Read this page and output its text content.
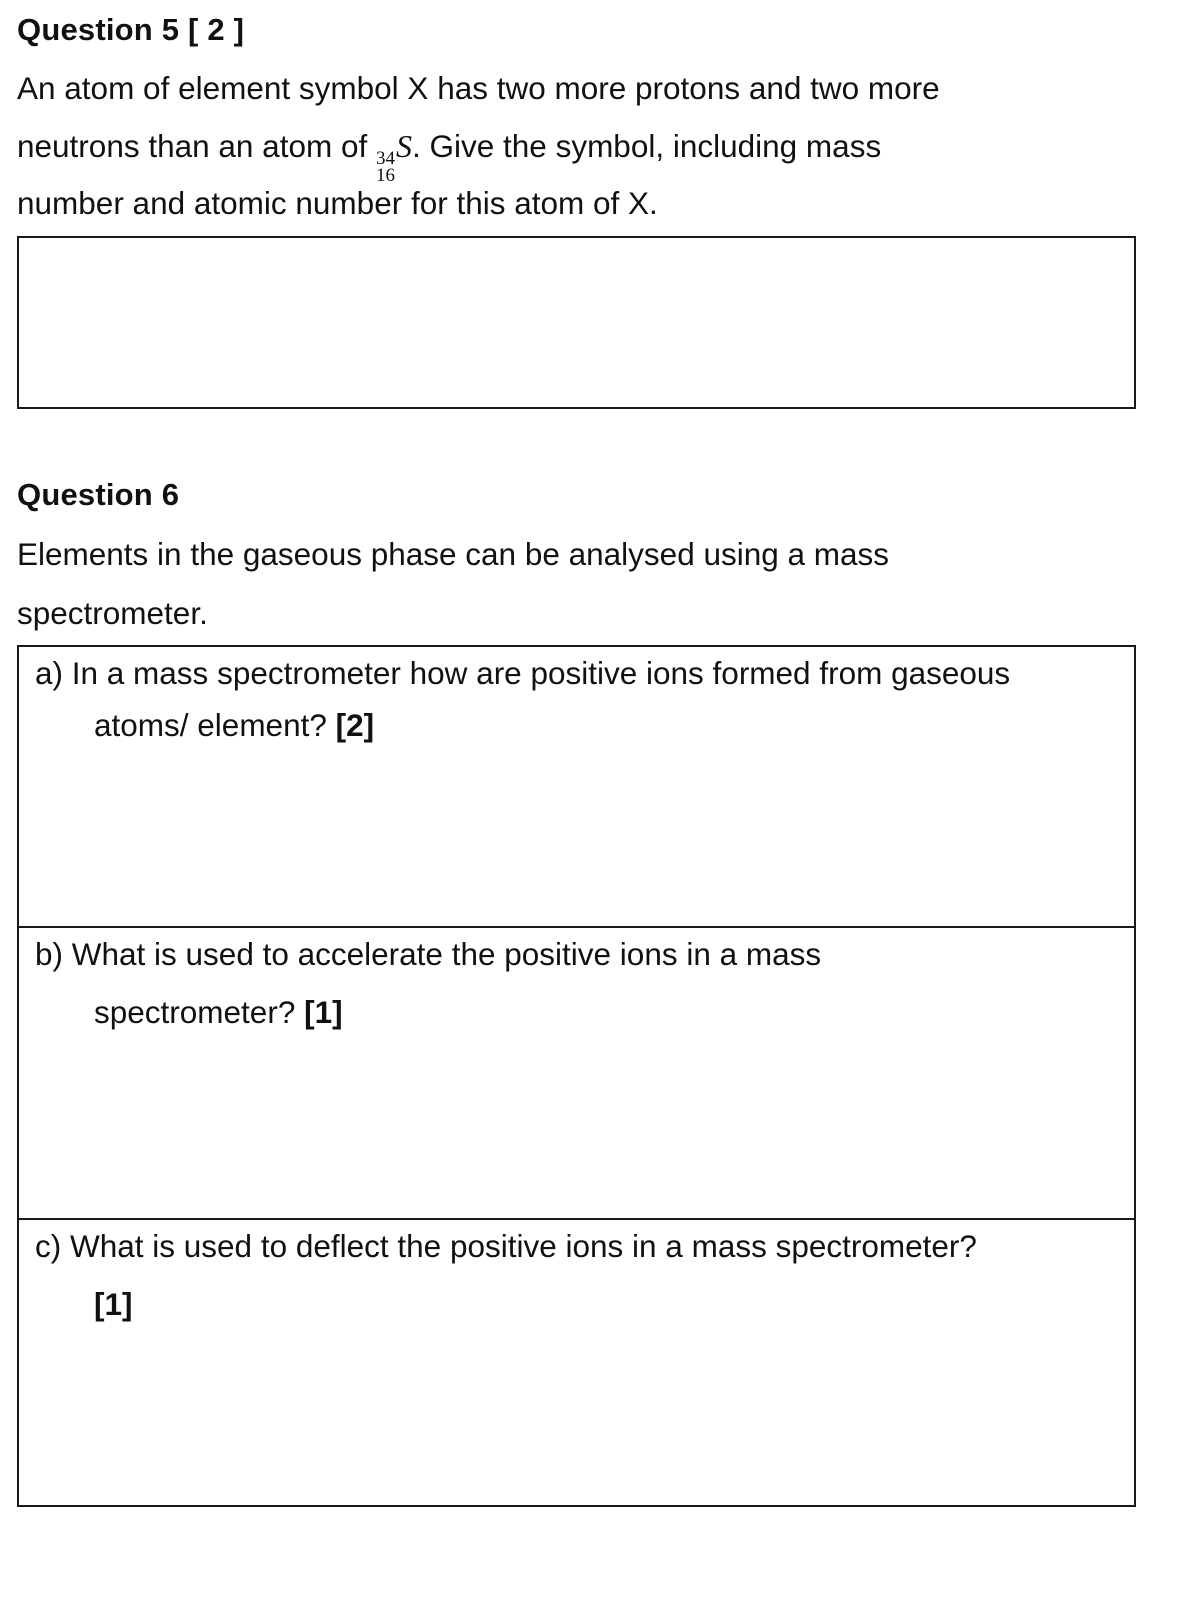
Question 5 [ 2 ]
An atom of element symbol X has two more protons and two more
neutrons than an atom of 34
16
S. Give the symbol, including mass
number and atomic number for this atom of X.
Question 6
Elements in the gaseous phase can be analysed using a mass
spectrometer.
a) In a mass spectrometer how are positive ions formed from gaseous
atoms/ element? [2]
b) What is used to accelerate the positive ions in a mass
spectrometer? [1]
c) What is used to deflect the positive ions in a mass spectrometer?
[1]
